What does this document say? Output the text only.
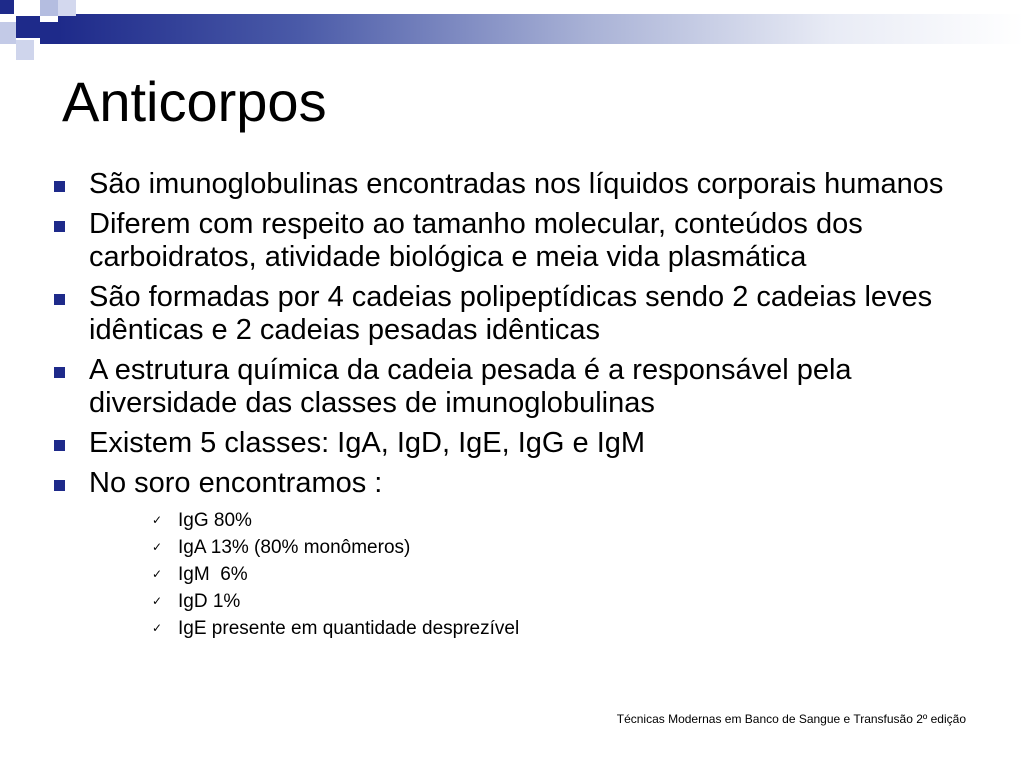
Anticorpos
São imunoglobulinas encontradas nos líquidos corporais humanos
Diferem com respeito ao tamanho molecular, conteúdos dos carboidratos, atividade biológica e meia vida plasmática
São formadas por 4 cadeias polipeptídicas sendo 2 cadeias leves idênticas e 2 cadeias pesadas idênticas
A estrutura química da cadeia pesada é a responsável pela diversidade das classes de imunoglobulinas
Existem 5 classes: IgA, IgD, IgE, IgG e IgM
No soro encontramos :
✓ IgG 80%
✓ IgA 13% (80% monômeros)
✓ IgM  6%
✓ IgD 1%
✓ IgE presente em quantidade desprezível
Técnicas Modernas em Banco de Sangue e Transfusão 2º edição
